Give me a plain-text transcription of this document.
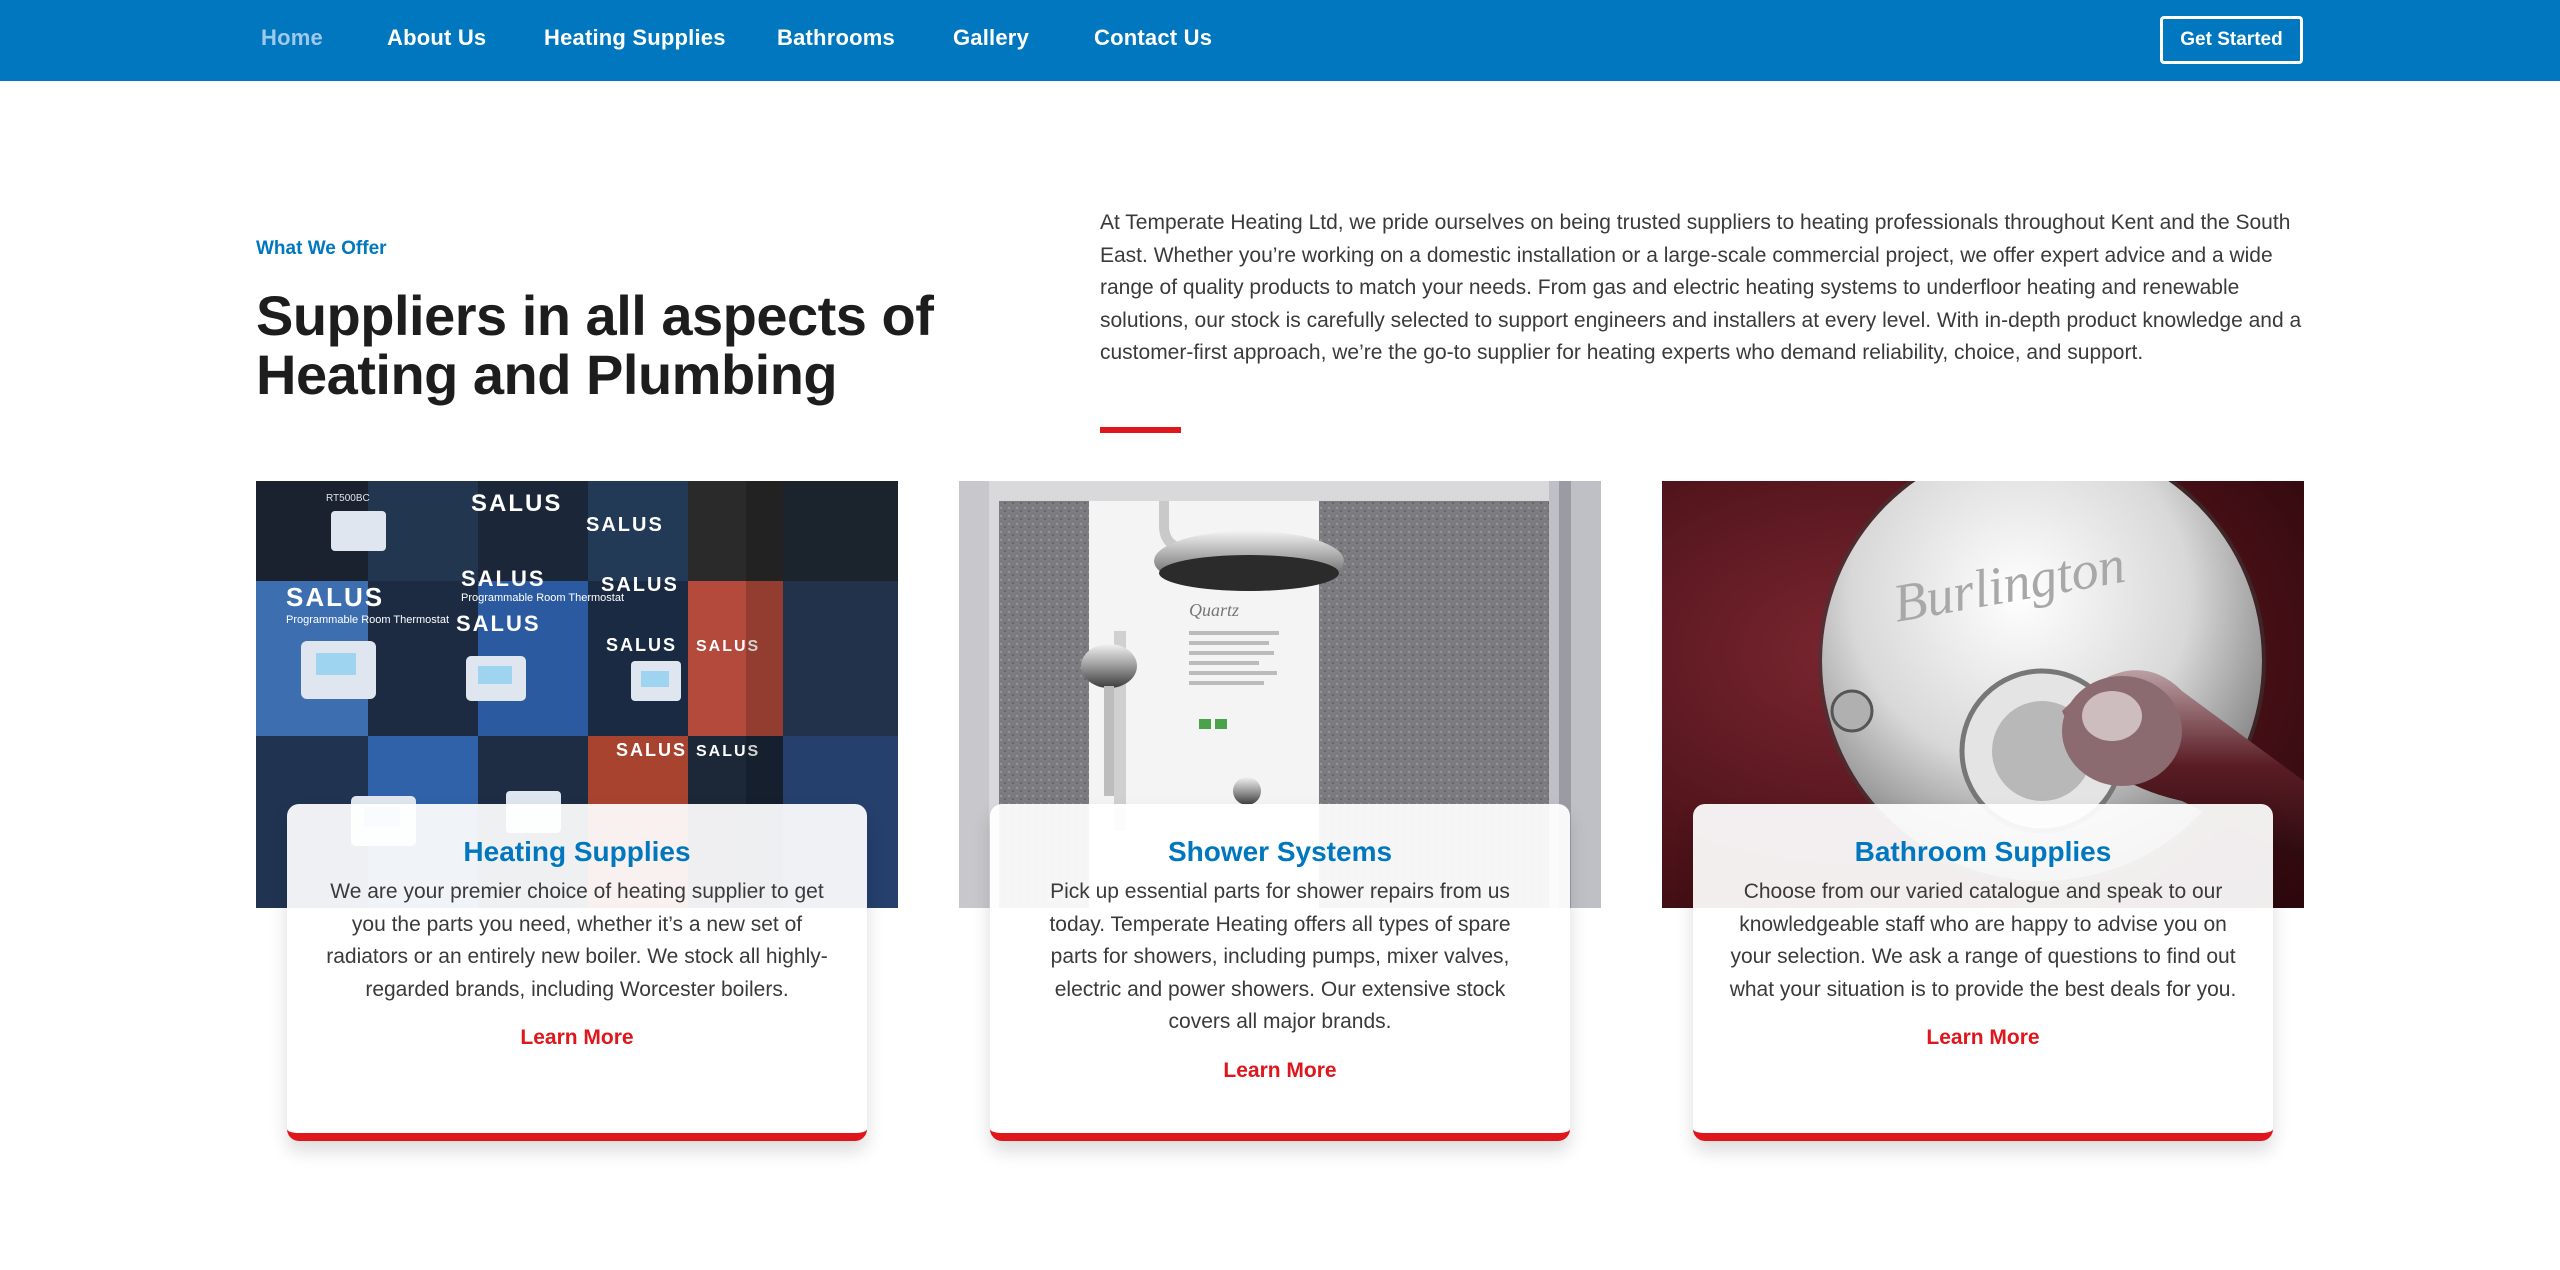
Home	About Us	Heating Supplies Bathrooms	Gallery	Contact Us	Get Started
What We Offer
Suppliers in all aspects of Heating and Plumbing

At Temperate Heating Ltd, we pride ourselves on being trusted suppliers to heating professionals throughout Kent and the South East. Whether you’re working on a domestic installation or a large-scale commercial project, we offer expert advice and a wide range of quality products to match your needs. From gas and electric heating systems to underfloor heating and renewable solutions, our stock is carefully selected to support engineers and installers at every level. With in-depth product knowledge and a customer-first approach, we’re the go-to supplier for heating experts who demand reliability, choice, and support.

SALUS
SALUS
SALUS
SALUS	SALUS
SALUS
SALUS SALUS
SALUS SALUS
Programmable Room Thermostat
Programmable Room Thermostat
RT500BC
Heating Supplies

We are your premier choice of heating supplier to get you the parts you need, whether it’s a new set of radiators or an entirely new boiler. We stock all highly-regarded brands, including Worcester boilers.

Learn More
Quartz
Shower Systems

Pick up essential parts for shower repairs from us today. Temperate Heating offers all types of spare parts for showers, including pumps, mixer valves, electric and power showers. Our extensive stock covers all major brands.

Learn More
Burlington
Bathroom Supplies

Choose from our varied catalogue and speak to our knowledgeable staff who are happy to advise you on your selection. We ask a range of questions to find out what your situation is to provide the best deals for you.

Learn More
